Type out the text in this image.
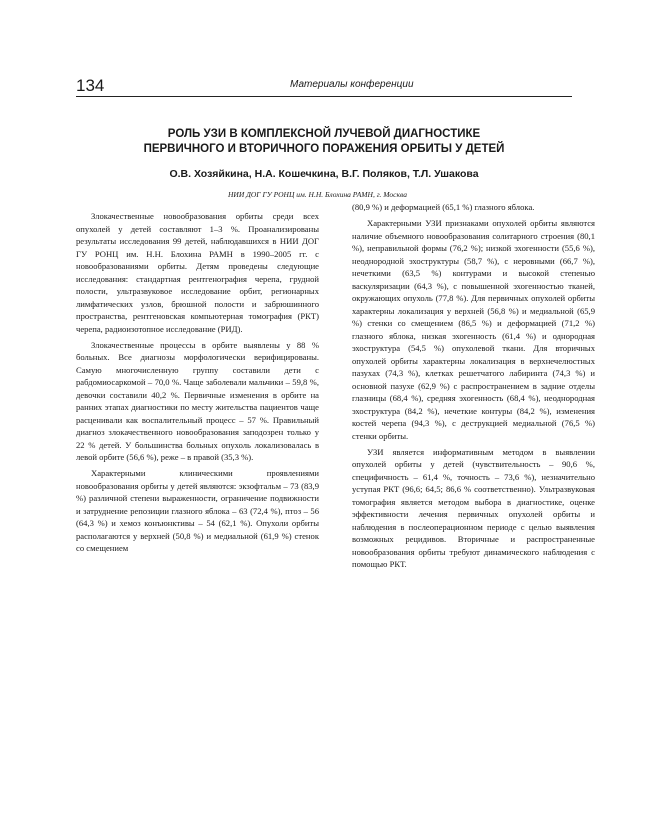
134	Материалы конференции
РОЛЬ УЗИ В КОМПЛЕКСНОЙ ЛУЧЕВОЙ ДИАГНОСТИКЕ
ПЕРВИЧНОГО И ВТОРИЧНОГО ПОРАЖЕНИЯ ОРБИТЫ У ДЕТЕЙ
О.В. Хозяйкина, Н.А. Кошечкина, В.Г. Поляков, Т.Л. Ушакова
НИИ ДОГ ГУ РОНЦ им. Н.Н. Блохина РАМН, г. Москва

Злокачественные новообразования орбиты среди всех опухолей у детей составляют 1–3 %. Проанализированы результаты исследования 99 детей, наблюдавшихся в НИИ ДОГ ГУ РОНЦ им. Н.Н. Блохина РАМН в 1990–2005 гг. с новообразованиями орбиты. Детям проведены следующие исследования: стандартная рентгенография черепа, грудной полости, ультразвуковое исследование орбит, регионарных лимфатических узлов, брюшной полости и забрюшинного пространства, рентгеновская компьютерная томография (РКТ) черепа, радиоизотопное исследование (РИД).

Злокачественные процессы в орбите выявлены у 88 % больных. Все диагнозы морфологически верифицированы. Самую многочисленную группу составили дети с рабдомиосаркомой – 70,0 %. Чаще заболевали мальчики – 59,8 %, девочки составили 40,2 %. Первичные изменения в орбите на ранних этапах диагностики по месту жительства пациентов чаще расценивали как воспалительный процесс – 57 %. Правильный диагноз злокачественного новообразования заподозрен только у 22 % детей. У большинства больных опухоль локализовалась в левой орбите (56,6 %), реже – в правой (35,3 %).

Характерными клиническими проявлениями новообразования орбиты у детей являются: экзофтальм – 73 (83,9 %) различной степени выраженности, ограничение подвижности и затруднение репозиции глазного яблока – 63 (72,4 %), птоз – 56 (64,3 %) и хемоз конъюнктивы – 54 (62,1 %). Опухоли орбиты располагаются у верхней (50,8 %) и медиальной (61,9 %) стенок со смещением

(80,9 %) и деформацией (65,1 %) глазного яблока.

Характерными УЗИ признаками опухолей орбиты являются наличие объемного новообразования солитарного строения (80,1 %), неправильной формы (76,2 %); низкой эхогенности (55,6 %), неоднородной эхоструктуры (58,7 %), с неровными (66,7 %), нечеткими (63,5 %) контурами и высокой степенью васкуляризации (64,3 %), с повышенной эхогенностью тканей, окружающих опухоль (77,8 %). Для первичных опухолей орбиты характерны локализация у верхней (56,8 %) и медиальной (65,9 %) стенки со смещением (86,5 %) и деформацией (71,2 %) глазного яблока, низкая эхогенность (61,4 %) и однородная эхоструктура (54,5 %) опухолевой ткани. Для вторичных опухолей орбиты характерны локализация в верхнечелюстных пазухах (74,3 %), клетках решетчатого лабиринта (74,3 %) и основной пазухе (62,9 %) с распространением в задние отделы глазницы (68,4 %), средняя эхогенность (68,4 %), неоднородная эхоструктура (84,2 %), нечеткие контуры (84,2 %), изменения костей черепа (94,3 %), с деструкцией медиальной (76,5 %) стенки орбиты.

УЗИ является информативным методом в выявлении опухолей орбиты у детей (чувствительность – 90,6 %, специфичность – 61,4 %, точность – 73,6 %), незначительно уступая РКТ (96,6; 64,5; 86,6 % соответственно). Ультразвуковая томография является методом выбора в диагностике, оценке эффективности лечения первичных опухолей орбиты и наблюдения в послеоперационном периоде с целью выявления возможных рецидивов. Вторичные и распространенные новообразования орбиты требуют динамического наблюдения с помощью РКТ.
